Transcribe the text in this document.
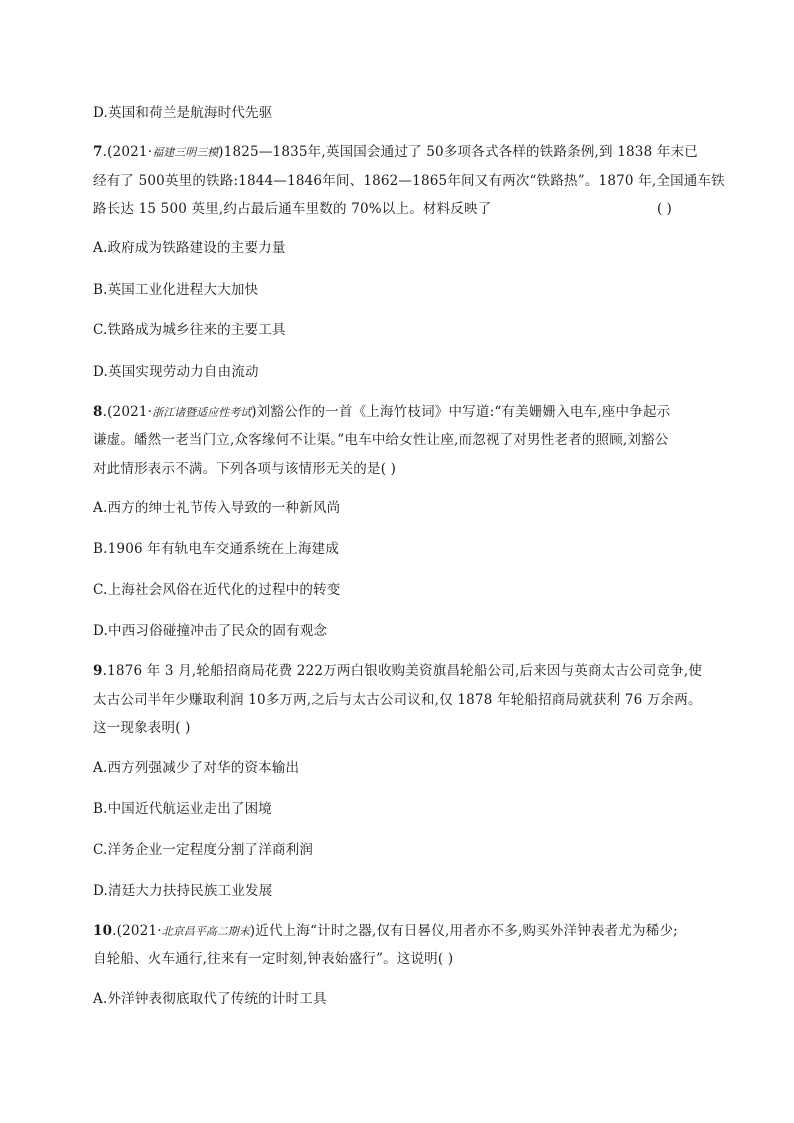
D.英国和荷兰是航海时代先驱
7.(2021·福建三明三模)1825—1835年,英国国会通过了 50多项各式各样的铁路条例,到 1838 年末已
经有了 500英里的铁路:1844—1846年间、1862—1865年间又有两次“铁路热”。1870 年,全国通车铁
路长达 15 500 英里,约占最后通车里数的 70%以上。材料反映了	( )
A.政府成为铁路建设的主要力量
B.英国工业化进程大大加快
C.铁路成为城乡往来的主要工具
D.英国实现劳动力自由流动
8.(2021·浙江诸暨适应性考试)刘豁公作的一首《上海竹枝词》中写道:“有美姗姗入电车,座中争起示
谦虚。皤然一老当门立,众客缘何不让渠。”电车中给女性让座,而忽视了对男性老者的照顾,刘豁公
对此情形表示不满。下列各项与该情形无关的是( )
A.西方的绅士礼节传入导致的一种新风尚
B.1906 年有轨电车交通系统在上海建成
C.上海社会风俗在近代化的过程中的转变
D.中西习俗碰撞冲击了民众的固有观念
9.1876 年 3 月,轮船招商局花费 222万两白银收购美资旗昌轮船公司,后来因与英商太古公司竞争,使
太古公司半年少赚取利润 10多万两,之后与太古公司议和,仅 1878 年轮船招商局就获利 76 万余两。
这一现象表明( )
A.西方列强减少了对华的资本输出
B.中国近代航运业走出了困境
C.洋务企业一定程度分割了洋商利润
D.清廷大力扶持民族工业发展
10.(2021·北京昌平高二期末)近代上海“计时之器,仅有日晷仪,用者亦不多,购买外洋钟表者尤为稀少;
自轮船、火车通行,往来有一定时刻,钟表始盛行”。这说明( )
A.外洋钟表彻底取代了传统的计时工具
